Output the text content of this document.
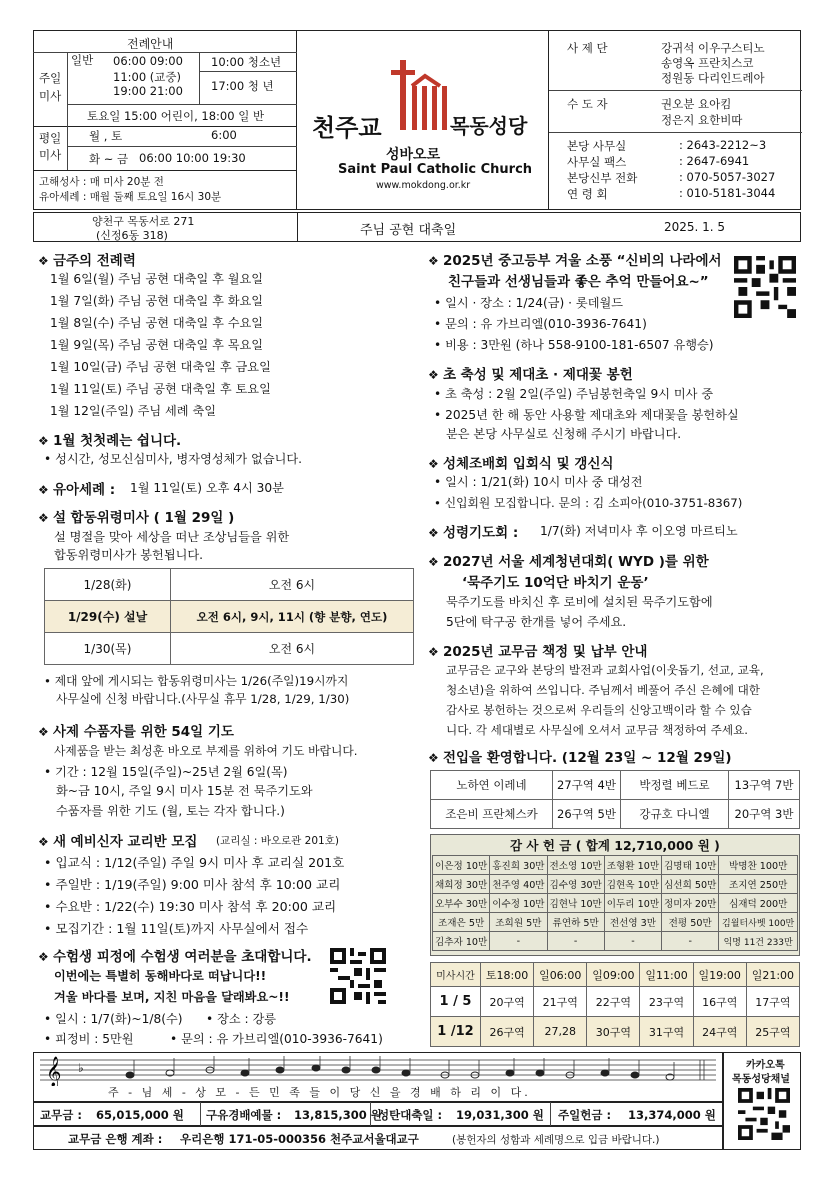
전례안내
주일
미사
일반 06:00 09:00
11:00 (교중)
19:00 21:00
10:00 청소년
17:00 청 년
토요일 15:00 어린이, 18:00 일 반
평일
미사
월 , 토	6:00
화 ~ 금 06:00 10:00 19:30
고해성사 : 매 미사 20분 전
유아세례 : 매월 둘째 토요일 16시 30분
천주교	목동성당
성바오로
Saint Paul Catholic Church
www.mokdong.or.kr
사 제 단	강귀석 이우구스티노
송영옥 프란치스코
정원동 다리인드레아
수 도 자	권오분 요아킴
정은지 요한비따
본당 사무실	: 2643-2212~3
사무실 팩스	: 2647-6941
본당신부 전화	: 070-5057-3027
연 령 회	: 010-5181-3044
양천구 목동서로 271
(신정6동 318)	주님 공현 대축일	2025. 1. 5
❖ 금주의 전례력
1월 6일(월) 주님 공현 대축일 후 월요일
1월 7일(화) 주님 공현 대축일 후 화요일
1월 8일(수) 주님 공현 대축일 후 수요일
1월 9일(목) 주님 공현 대축일 후 목요일
1월 10일(금) 주님 공현 대축일 후 금요일
1월 11일(토) 주님 공현 대축일 후 토요일
1월 12일(주일) 주님 세례 축일
❖ 1월 첫첫례는 쉽니다.
• 성시간, 성모신심미사, 병자영성체가 없습니다.
❖ 유아세례 : 1월 11일(토) 오후 4시 30분
❖ 설 합동위령미사 ( 1월 29일 )
설 명절을 맞아 세상을 떠난 조상님들을 위한
합동위령미사가 봉헌됩니다.
1/28(화)	오전 6시
1/29(수) 설날	오전 6시, 9시, 11시 (향 분향, 연도)
1/30(목)	오전 6시
• 제대 앞에 게시되는 합동위령미사는 1/26(주일)19시까지
사무실에 신청 바랍니다.(사무실 휴무 1/28, 1/29, 1/30)
❖ 사제 수품자를 위한 54일 기도
사제품을 받는 최성훈 바오로 부제를 위하여 기도 바랍니다.
• 기간 : 12월 15일(주일)~25년 2월 6일(목)
화~금 10시, 주일 9시 미사 15분 전 묵주기도와
수품자를 위한 기도 (월, 토는 각자 합니다.)
❖ 새 예비신자 교리반 모집 (교리실 : 바오로관 201호)
• 입교식 : 1/12(주일) 주일 9시 미사 후 교리실 201호
• 주일반 : 1/19(주일) 9:00 미사 참석 후 10:00 교리
• 수요반 : 1/22(수) 19:30 미사 참석 후 20:00 교리
• 모집기간 : 1월 11일(토)까지 사무실에서 접수
❖ 수험생 피정에 수험생 여러분을 초대합니다.
이번에는 특별히 동해바다로 떠납니다!!
겨울 바다를 보며, 지친 마음을 달래봐요~!!
• 일시 : 1/7(화)~1/8(수)	• 장소 : 강릉
• 피정비 : 5만원	• 문의 : 유 가브리엘(010-3936-7641)
❖ 2025년 중고등부 겨울 소풍 “신비의 나라에서
친구들과 선생님들과 좋은 추억 만들어요~”
• 일시 · 장소 : 1/24(금) · 롯데월드
• 문의 : 유 가브리엘(010-3936-7641)
• 비용 : 3만원 (하나 558-9100-181-6507 유행승)
❖ 초 축성 및 제대초 · 제대꽃 봉헌
• 초 축성 : 2월 2일(주일) 주님봉헌축일 9시 미사 중
• 2025년 한 해 동안 사용할 제대초와 제대꽃을 봉헌하실
분은 본당 사무실로 신청해 주시기 바랍니다.
❖ 성체조배회 입회식 및 갱신식
• 일시 : 1/21(화) 10시 미사 중 대성전
• 신입회원 모집합니다. 문의 : 김 소피아(010-3751-8367)
❖ 성령기도회 : 1/7(화) 저녁미사 후 이오영 마르티노
❖ 2027년 서울 세계청년대회( WYD )를 위한
‘묵주기도 10억단 바치기 운동’
묵주기도를 바치신 후 로비에 설치된 묵주기도함에
5단에 탁구공 한개를 넣어 주세요.
❖ 2025년 교무금 책정 및 납부 안내
교무금은 교구와 본당의 발전과 교회사업(이웃돕기, 선교, 교육,
청소년)을 위하여 쓰입니다. 주님께서 베풀어 주신 은혜에 대한
감사로 봉헌하는 것으로써 우리들의 신앙고백이라 할 수 있습
니다. 각 세대별로 사무실에 오셔서 교무금 책정하여 주세요.
❖ 전입을 환영합니다. (12월 23일 ~ 12월 29일)
노하연 이레네	27구역 4반	박정렬 베드로	13구역 7반
조은비 프란체스카	26구역 5반	강규호 다니엘	20구역 3반
감 사 헌 금 ( 합계 12,710,000 원 )
이은정 10만	홍진희 30만	전소영 10만	조형환 10만	김명태 10만	박명찬 100만
채희정 30만	천주영 40만	김수영 30만	김현옥 10만	심선희 50만	조지연 250만
오부수 30만	이수정 10만	김현낙 10만	이두리 10만	정미자 20만	심재덕 200만
조재은 5만	조희원 5만	류연하 5만	전선영 3만	전평 50만	김월터사벳 100만
김추자 10만	-	-	-	-	익명 11건 233만
미사시간	토18:00	일06:00	일09:00	일11:00	일19:00	일21:00
1 / 5	20구역	21구역	22구역	23구역	16구역	17구역
1 /12	26구역	27,28	30구역	31구역	24구역	25구역
𝄞 ♭
주 - 님 세 - 상 모 - 든 민 족 들 이 당 신 을 경 배 하 리 이 다.
카카오톡
목동성당채널
교무금 : 65,015,000 원 구유경배예물 : 13,815,300 원
성탄대축일 : 19,031,300 원 주일헌금 : 13,374,000 원
교무금 은행 계좌 : 우리은행 171-05-000356 천주교서울대교구	(봉헌자의 성함과 세례명으로 입금 바랍니다.)
